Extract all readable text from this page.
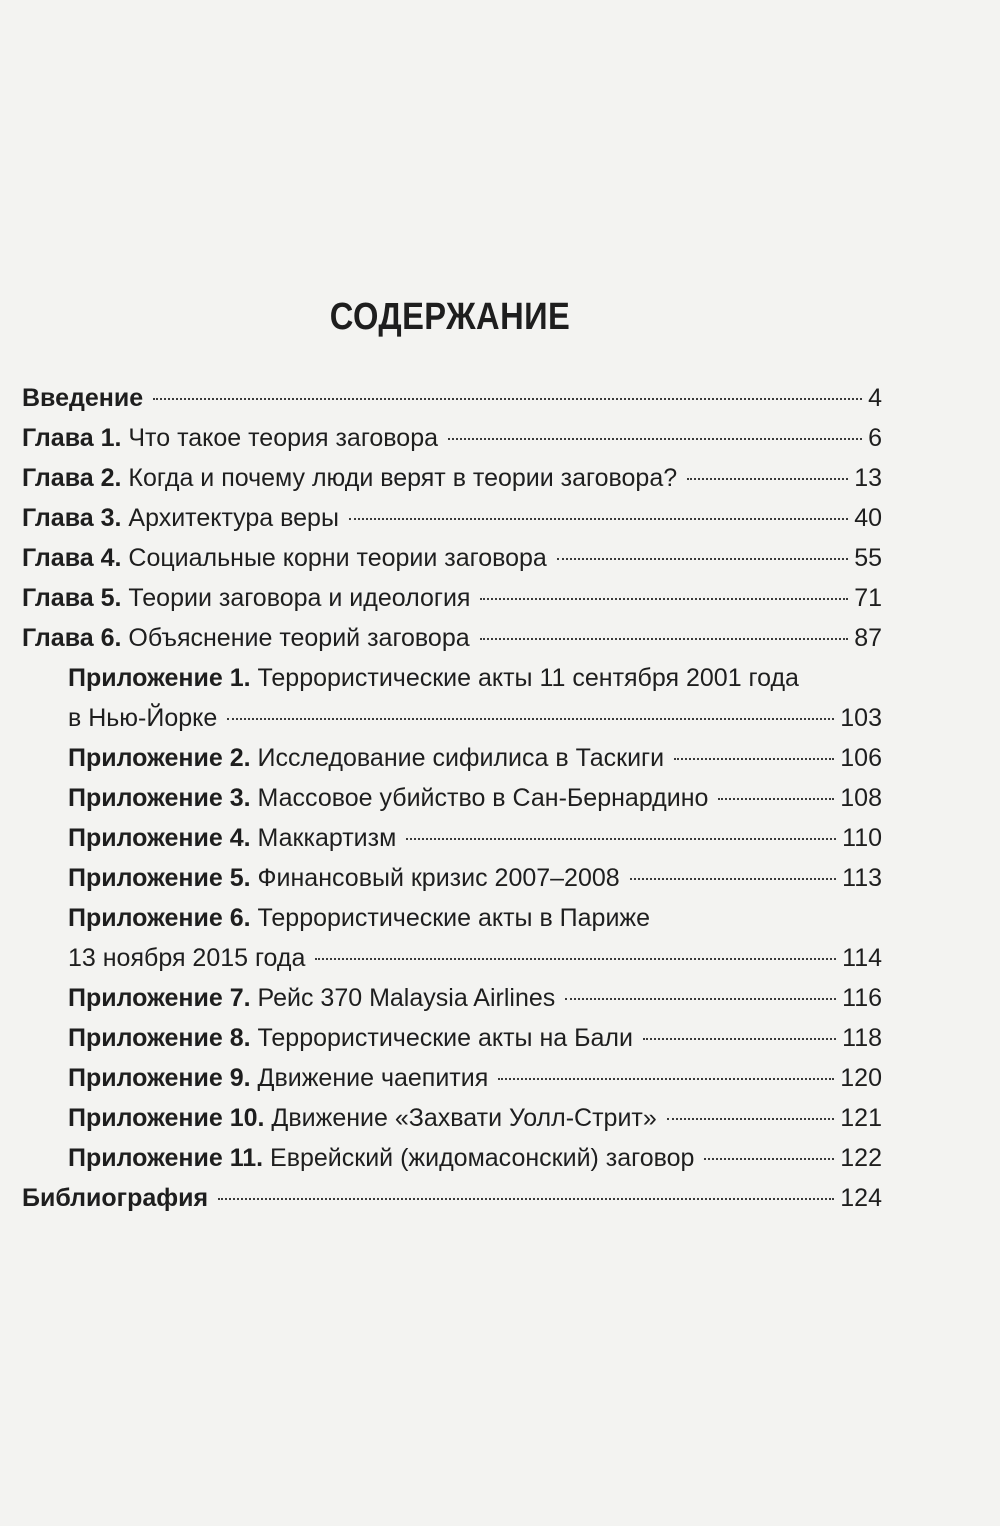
СОДЕРЖАНИЕ
Введение	4
Глава 1. Что такое теория заговора	6
Глава 2. Когда и почему люди верят в теории заговора?	13
Глава 3. Архитектура веры	40
Глава 4. Социальные корни теории заговора	55
Глава 5. Теории заговора и идеология	71
Глава 6. Объяснение теорий заговора	87
Приложение 1. Террористические акты 11 сентября 2001 года
в Нью-Йорке	103
Приложение 2. Исследование сифилиса в Таскиги	106
Приложение 3. Массовое убийство в Сан-Бернардино	108
Приложение 4. Маккартизм	110
Приложение 5. Финансовый кризис 2007–2008	113
Приложение 6. Террористические акты в Париже
13 ноября 2015 года	114
Приложение 7. Рейс 370 Malaysia Airlines	116
Приложение 8. Террористические акты на Бали	118
Приложение 9. Движение чаепития	120
Приложение 10. Движение «Захвати Уолл-Стрит»	121
Приложение 11. Еврейский (жидомасонский) заговор	122
Библиография	124
